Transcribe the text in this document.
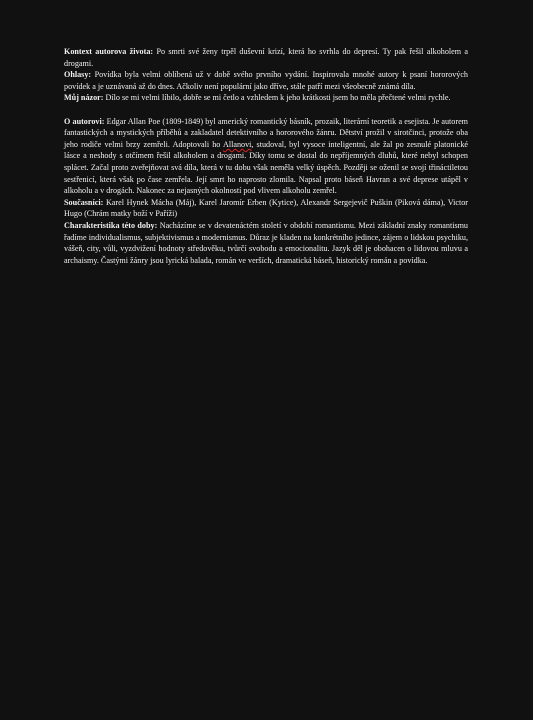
Kontext autorova života: Po smrti své ženy trpěl duševní krizí, která ho svrhla do depresí. Ty pak řešil alkoholem a drogami.

Ohlasy: Povídka byla velmi oblíbená už v době svého prvního vydání. Inspirovala mnohé autory k psaní hororových povídek a je uznávaná až do dnes. Ačkoliv není populární jako dříve, stále patří mezi všeobecně známá díla.

Můj názor: Dílo se mi velmi líbilo, dobře se mi četlo a vzhledem k jeho krátkosti jsem ho měla přečtené velmi rychle.

O autorovi: Edgar Allan Poe (1809-1849) byl americký romantický básník, prozaik, literární teoretik a esejista. Je autorem fantastických a mystických příběhů a zakladatel detektivního a hororového žánru. Dětství prožil v sirotčinci, protože oba jeho rodiče velmi brzy zemřeli. Adoptovali ho Allanovi, studoval, byl vysoce inteligentní, ale žal po zesnulé platonické lásce a neshody s otčímem řešil alkoholem a drogami. Díky tomu se dostal do nepříjemných dluhů, které nebyl schopen splácet. Začal proto zveřejňovat svá díla, která v tu dobu však neměla velký úspěch. Později se oženil se svojí třináctiletou sestřenicí, která však po čase zemřela. Její smrt ho naprosto zlomila. Napsal proto báseň Havran a své deprese utápěl v alkoholu a v drogách. Nakonec za nejasných okolností pod vlivem alkoholu zemřel.

Současníci: Karel Hynek Mácha (Máj), Karel Jaromír Erben (Kytice), Alexandr Sergejevič Puškin (Piková dáma), Victor Hugo (Chrám matky boží v Paříži)

Charakteristika této doby: Nacházíme se v devatenáctém století v období romantismu. Mezi základní znaky romantismu řadíme individualismus, subjektivismus a modernismus. Důraz je kladen na konkrétního jedince, zájem o lidskou psychiku, vášeň, city, vůli, vyzdvižení hodnoty středověku, tvůrčí svobodu a emocionalitu. Jazyk děl je obohacen o lidovou mluvu a archaismy. Častými žánry jsou lyrická balada, román ve verších, dramatická báseň, historický román a povídka.
